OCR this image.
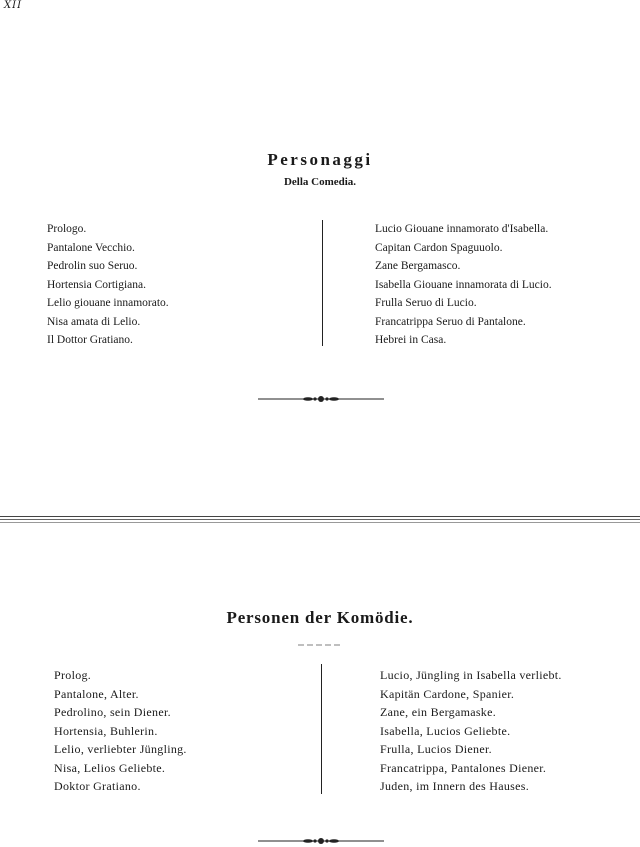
XII
Personaggi
Della Comedia.
Prologo.
Pantalone Vecchio.
Pedrolin suo Seruo.
Hortensia Cortigiana.
Lelio giouane innamorato.
Nisa amata di Lelio.
Il Dottor Gratiano.
Lucio Giouane innamorato d'Isabella.
Capitan Cardon Spaguuolo.
Zane Bergamasco.
Isabella Giouane innamorata di Lucio.
Frulla Seruo di Lucio.
Francatrippa Seruo di Pantalone.
Hebrei in Casa.
Personen der Komödie.
Prolog.
Pantalone, Alter.
Pedrolino, sein Diener.
Hortensia, Buhlerin.
Lelio, verliebter Jüngling.
Nisa, Lelios Geliebte.
Doktor Gratiano.
Lucio, Jüngling in Isabella verliebt.
Kapitän Cardone, Spanier.
Zane, ein Bergamaske.
Isabella, Lucios Geliebte.
Frulla, Lucios Diener.
Francatrippa, Pantalones Diener.
Juden, im Innern des Hauses.
